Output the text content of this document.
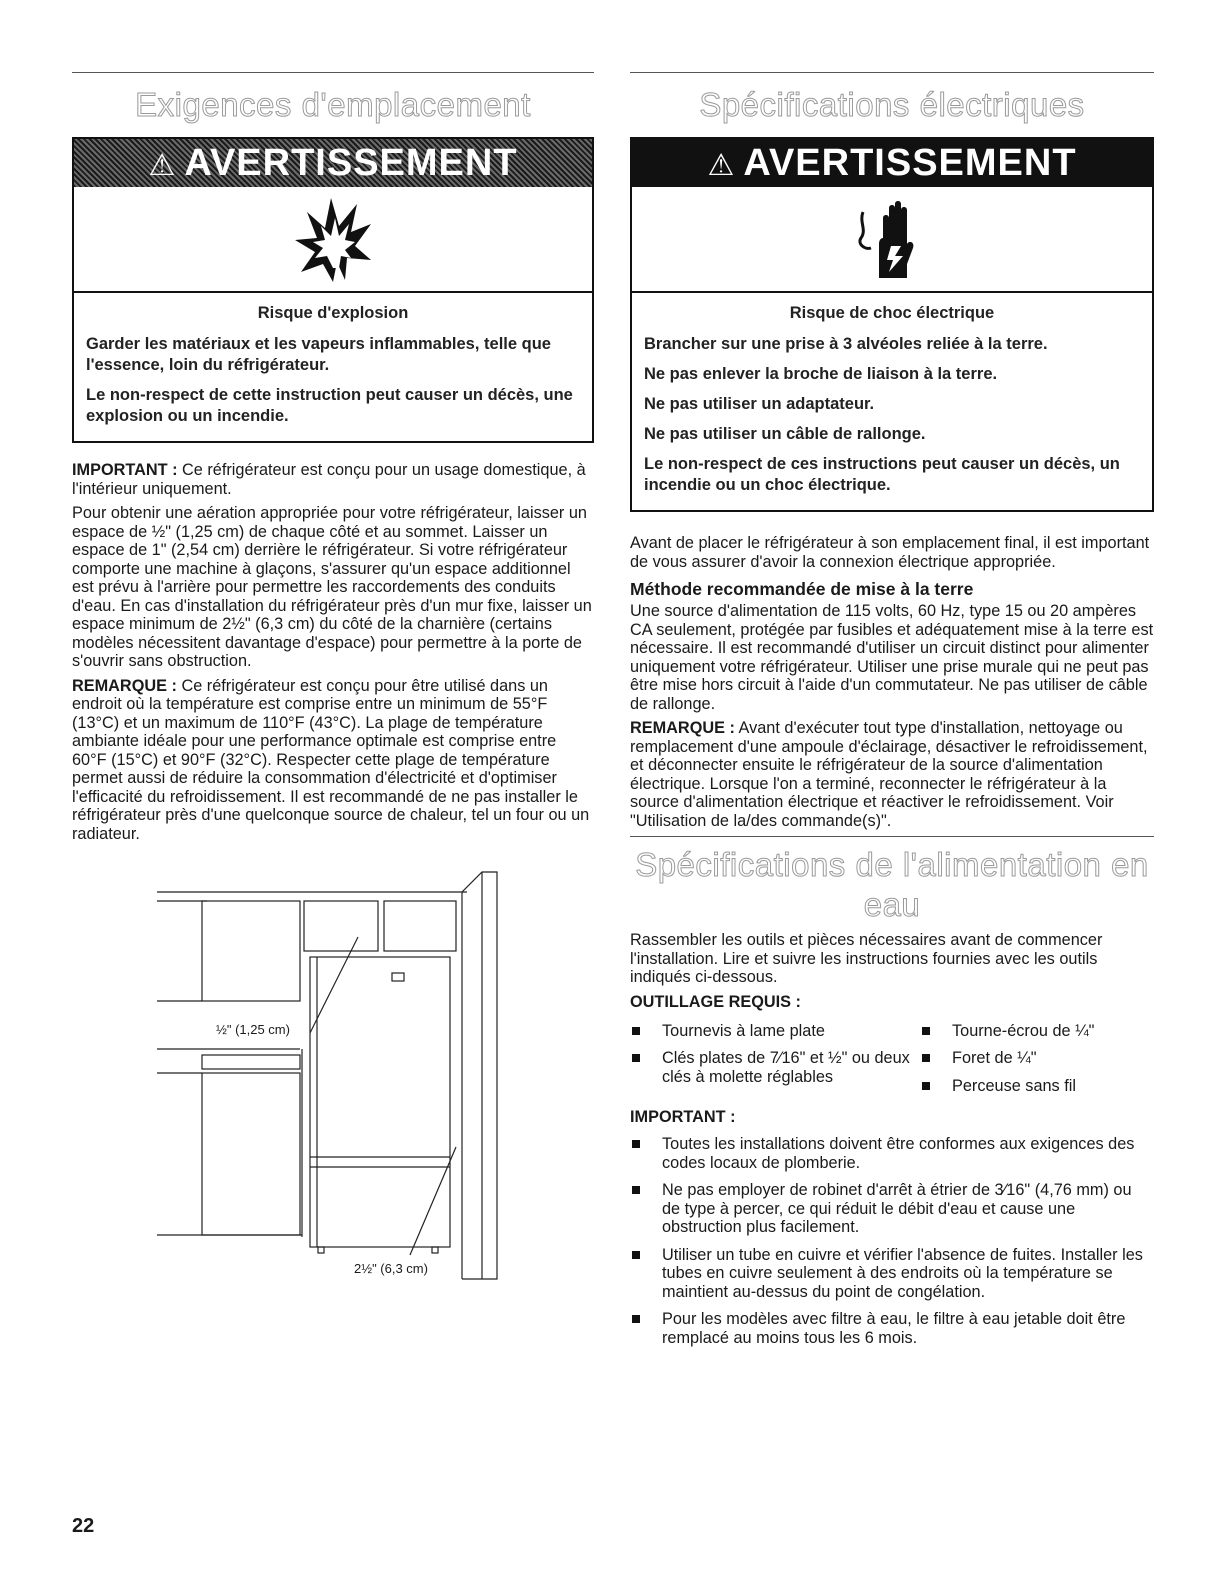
Exigences d'emplacement
⚠ AVERTISSEMENT
Risque d'explosion

Garder les matériaux et les vapeurs inflammables, telle que l'essence, loin du réfrigérateur.

Le non-respect de cette instruction peut causer un décès, une explosion ou un incendie.

IMPORTANT : Ce réfrigérateur est conçu pour un usage domestique, à l'intérieur uniquement.

Pour obtenir une aération appropriée pour votre réfrigérateur, laisser un espace de ½" (1,25 cm) de chaque côté et au sommet. Laisser un espace de 1" (2,54 cm) derrière le réfrigérateur. Si votre réfrigérateur comporte une machine à glaçons, s'assurer qu'un espace additionnel est prévu à l'arrière pour permettre les raccordements des conduits d'eau. En cas d'installation du réfrigérateur près d'un mur fixe, laisser un espace minimum de 2½" (6,3 cm) du côté de la charnière (certains modèles nécessitent davantage d'espace) pour permettre à la porte de s'ouvrir sans obstruction.

REMARQUE : Ce réfrigérateur est conçu pour être utilisé dans un endroit où la température est comprise entre un minimum de 55°F (13°C) et un maximum de 110°F (43°C). La plage de température ambiante idéale pour une performance optimale est comprise entre 60°F (15°C) et 90°F (32°C). Respecter cette plage de température permet aussi de réduire la consommation d'électricité et d'optimiser l'efficacité du refroidissement. Il est recommandé de ne pas installer le réfrigérateur près d'une quelconque source de chaleur, tel un four ou un radiateur.

½" (1,25 cm)
2½" (6,3 cm)
Spécifications électriques
⚠ AVERTISSEMENT
Risque de choc électrique

Brancher sur une prise à 3 alvéoles reliée à la terre.

Ne pas enlever la broche de liaison à la terre.

Ne pas utiliser un adaptateur.

Ne pas utiliser un câble de rallonge.

Le non-respect de ces instructions peut causer un décès, un incendie ou un choc électrique.

Avant de placer le réfrigérateur à son emplacement final, il est important de vous assurer d'avoir la connexion électrique appropriée.

Méthode recommandée de mise à la terre

Une source d'alimentation de 115 volts, 60 Hz, type 15 ou 20 ampères CA seulement, protégée par fusibles et adéquatement mise à la terre est nécessaire. Il est recommandé d'utiliser un circuit distinct pour alimenter uniquement votre réfrigérateur. Utiliser une prise murale qui ne peut pas être mise hors circuit à l'aide d'un commutateur. Ne pas utiliser de câble de rallonge.

REMARQUE : Avant d'exécuter tout type d'installation, nettoyage ou remplacement d'une ampoule d'éclairage, désactiver le refroidissement, et déconnecter ensuite le réfrigérateur de la source d'alimentation électrique. Lorsque l'on a terminé, reconnecter le réfrigérateur à la source d'alimentation électrique et réactiver le refroidissement. Voir "Utilisation de la/des commande(s)".

Spécifications de l'alimentation en eau

Rassembler les outils et pièces nécessaires avant de commencer l'installation. Lire et suivre les instructions fournies avec les outils indiqués ci-dessous.

OUTILLAGE REQUIS :
Tournevis à lame plate
Clés plates de 7⁄16" et ½" ou deux clés à molette réglables
Tourne-écrou de ¼"
Foret de ¼"
Perceuse sans fil
IMPORTANT :
Toutes les installations doivent être conformes aux exigences des codes locaux de plomberie.
Ne pas employer de robinet d'arrêt à étrier de 3⁄16" (4,76 mm) ou de type à percer, ce qui réduit le débit d'eau et cause une obstruction plus facilement.
Utiliser un tube en cuivre et vérifier l'absence de fuites. Installer les tubes en cuivre seulement à des endroits où la température se maintient au-dessus du point de congélation.
Pour les modèles avec filtre à eau, le filtre à eau jetable doit être remplacé au moins tous les 6 mois.
22
